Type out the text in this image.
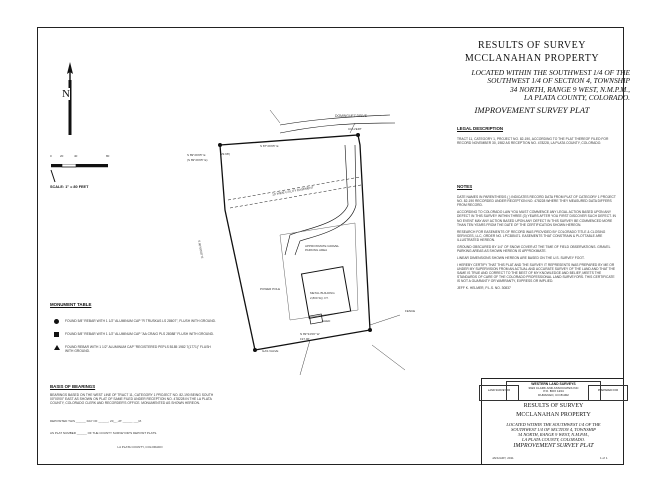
RESULTS OF SURVEY
MCCLANAHAN PROPERTY
LOCATED WITHIN THE SOUTHWEST 1/4 OF THE
SOUTHWEST 1/4 OF SECTION 4, TOWNSHIP
34 NORTH, RANGE 9 WEST, N.M.P.M.,
LA PLATA COUNTY, COLORADO.
IMPROVEMENT SURVEY PLAT
N
0	20	40	80
SCALE: 1" = 80 FEET
DOMINGUEZ DRIVE
S 89°29'05" E
(S 89°29'05" E)
(29.98')
S 87°29'05" E
S 00°00'00" E
10' WIDE UTILITY EASEMENT
METAL BUILDING
2,800 SQ. FT.
SHED
APPROXIMATE GRAVEL PARKING AREA
N 89°34'09" W
197.96'
GAS VALVE
POWER POLE
CULVERT
FENCE
LEGAL DESCRIPTION
TRACT 11, CATEGORY 1, PROJECT NO. 82-190, ACCORDING TO THE PLAT THEREOF FILED FOR RECORD NOVEMBER 30, 1982 AS RECEPTION NO. 478228, LA PLATA COUNTY, COLORADO.
NOTES

DATE NAMES IN PARENTHESIS ( ) INDICATES RECORD DATA FROM PLAT OF CATEGORY 1 PROJECT NO. 82-190 RECORDED UNDER RECEPTION NO. 478228 WHERE THEY MEASURED DATA DIFFERS FROM RECORD.

ACCORDING TO COLORADO LAW YOU MUST COMMENCE ANY LEGAL ACTION BASED UPON ANY DEFECT IN THIS SURVEY WITHIN THREE (3) YEARS AFTER YOU FIRST DISCOVER SUCH DEFECT. IN NO EVENT MAY ANY ACTION BASED UPON ANY DEFECT IN THIS SURVEY BE COMMENCED MORE THAN TEN YEARS FROM THE DATE OF THE CERTIFICATION SHOWN HEREON.

RESEARCH FOR EASEMENTS OF RECORD WAS PROVIDED BY COLORADO TITLE & CLOSING SERVICES, LLC, ORDER NO. LPC385471. EASEMENTS THAT CONSTRAIN & PLOTTABLE ARE ILLUSTRATED HEREON.

GROUND OBSCURED BY 1/4" OF SNOW COVER AT THE TIME OF FIELD OBSERVATIONS. GRAVEL PARKING AREAS AS SHOWN HEREON IS APPROXIMATE.

LINEAR DIMENSIONS SHOWN HEREON ARE BASED ON THE U.S. SURVEY FOOT.

I HEREBY CERTIFY THAT THIS PLAT AND THE SURVEY IT REPRESENTS WAS PREPARED BY ME OR UNDER MY SUPERVISION FROM AN ACTUAL AND ACCURATE SURVEY OF THE LAND AND THAT THE SAME IS TRUE AND CORRECT TO THE BEST OF MY KNOWLEDGE AND BELIEF, MEETS THE STANDARDS OF CARE OF THE COLORADO PROFESSIONAL LAND SURVEYORS. THIS CERTIFICATE IS NOT A GUARANTY OR WARRANTY, EXPRESS OR IMPLIED.

JEFF K. HELMER, P.L.S. NO. 30837

MONUMENT TABLE
FOUND 5/8" REBAR WITH 1 1/2" ALUMINUM CAP "R TRUSKAS LS 28607", FLUSH WITH GROUND.
FOUND 5/8" REBAR WITH 1 1/2" ALUMINUM CAP "AA CRAIG PLS 28088" FLUSH WITH GROUND.
FOUND REBAR WITH 1 1/2" ALUMINUM CAP "REGISTERED PEPLS B185 1982 7(1771)" FLUSH WITH GROUND.
BASIS OF BEARINGS
BEARINGS BASED ON THE WEST LINE OF TRACT 11, CATEGORY 1 PROJECT NO. 82-190 BEING SOUTH 00°00'00" EAST AS SHOWN ON PLAT OF SAME FILED UNDER RECEPTION NO. 478228 IN THE LA PLATA COUNTY, COLORADO CLERK AND RECORDER'S OFFICE. MONUMENTED AS SHOWN HEREON.
DEPOSITED THIS ______ DAY OF ______, 20__, AT ______ ___M.
AS PLAT NUMBER ______ OF THE COUNTY SURVEYOR'S DEPOSIT PLATS.
LA PLATA COUNTY, COLORADO
LAND SURVEYOR	PREPARED FOR
WESTERN LAND SURVEYS
3924 CLARK AND ASSOCIATES INC
P.O. BOX 1234
DURANGO, CO 81302
RESULTS OF SURVEY
MCCLANAHAN PROPERTY
LOCATED WITHIN THE SOUTHWEST 1/4 OF THE
SOUTHWEST 1/4 OF SECTION 4, TOWNSHIP
34 NORTH, RANGE 9 WEST, N.M.P.M.,
LA PLATA COUNTY, COLORADO.
IMPROVEMENT SURVEY PLAT
JANUARY, 2011	1 of 1
